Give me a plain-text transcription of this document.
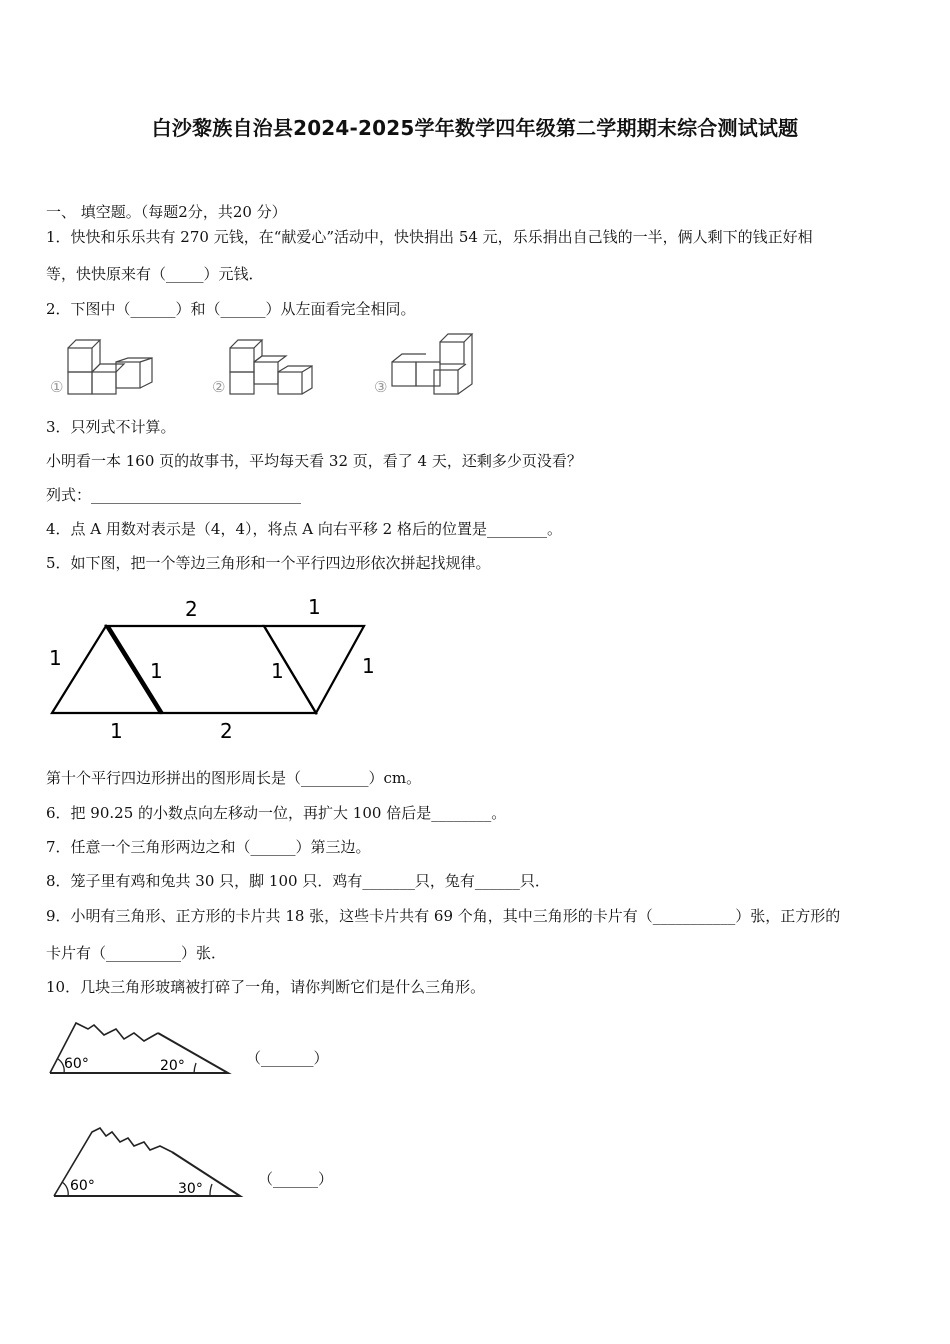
白沙黎族自治县2024-2025学年数学四年级第二学期期末综合测试试题
一、 填空题。（每题2分，共20 分）
1．快快和乐乐共有 270 元钱，在“献爱心”活动中，快快捐出 54 元，乐乐捐出自己钱的一半，俩人剩下的钱正好相
等，快快原来有（_____）元钱．
2．下图中（______）和（______）从左面看完全相同。
①	②	③
3．只列式不计算。
小明看一本 160 页的故事书，平均每天看 32 页，看了 4 天，还剩多少页没看？
列式：____________________________
4．点 A 用数对表示是（4，4），将点 A 向右平移 2 格后的位置是________。
5．如下图，把一个等边三角形和一个平行四边形依次拼起找规律。
2	1
1
1	1	1
1	2
第十个平行四边形拼出的图形周长是（_________）cm。
6．把 90.25 的小数点向左移动一位，再扩大 100 倍后是________。
7．任意一个三角形两边之和（______）第三边。
8．笼子里有鸡和兔共 30 只，脚 100 只．鸡有_______只，兔有______只．
9．小明有三角形、正方形的卡片共 18 张，这些卡片共有 69 个角，其中三角形的卡片有（___________）张，正方形的
卡片有（__________）张．
10．几块三角形玻璃被打碎了一角，请你判断它们是什么三角形。
60°	20°	（_______）
60°	30°
（______）
